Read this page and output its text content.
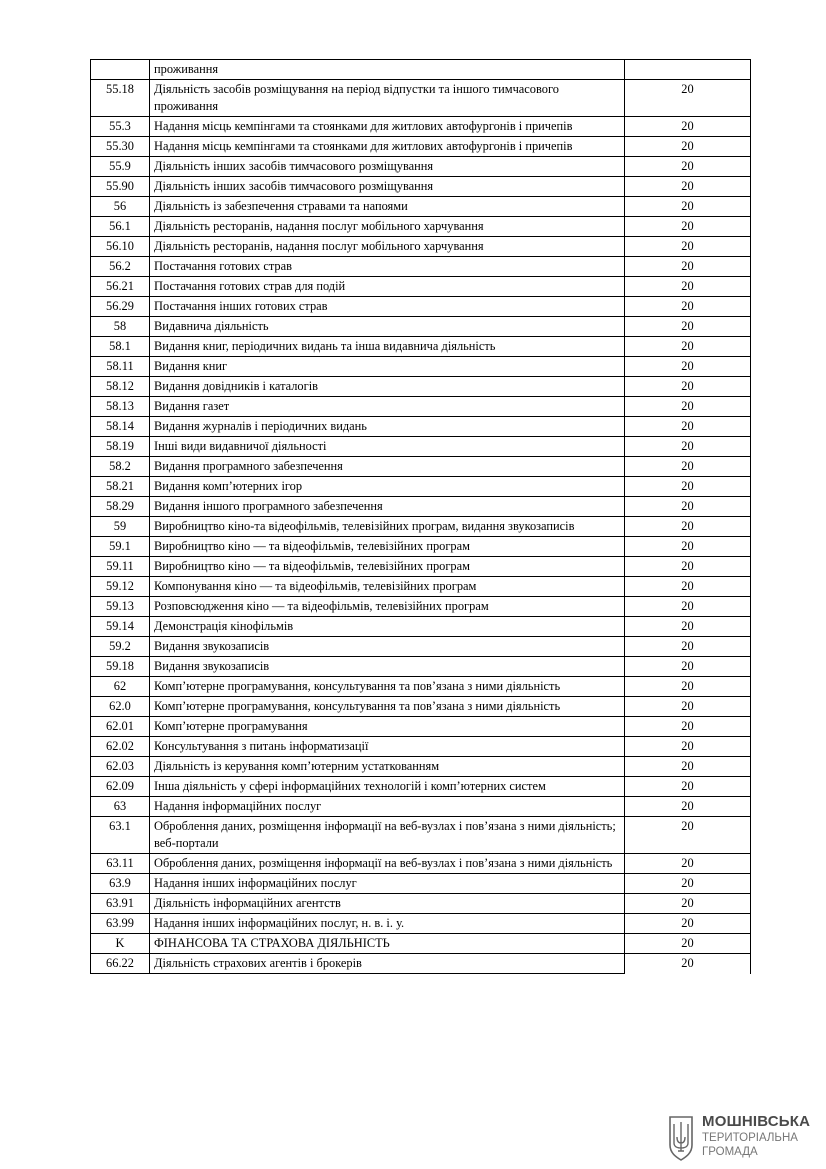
	проживання	
55.18	Діяльність засобів розміщування на період відпустки та іншого тимчасового проживання	20
55.3	Надання місць кемпінгами та стоянками для житлових автофургонів і причепів	20
55.30	Надання місць кемпінгами та стоянками для житлових автофургонів і причепів	20
55.9	Діяльність інших засобів тимчасового розміщування	20
55.90	Діяльність інших засобів тимчасового розміщування	20
56	Діяльність із забезпечення стравами та напоями	20
56.1	Діяльність ресторанів, надання послуг мобільного харчування	20
56.10	Діяльність ресторанів, надання послуг мобільного харчування	20
56.2	Постачання готових страв	20
56.21	Постачання готових страв для подій	20
56.29	Постачання інших готових страв	20
58	Видавнича діяльність	20
58.1	Видання книг, періодичних видань та інша видавнича діяльність	20
58.11	Видання книг	20
58.12	Видання довідників і каталогів	20
58.13	Видання газет	20
58.14	Видання журналів і періодичних видань	20
58.19	Інші види видавничої діяльності	20
58.2	Видання програмного забезпечення	20
58.21	Видання комп’ютерних ігор	20
58.29	Видання іншого програмного забезпечення	20
59	Виробництво кіно-та відеофільмів, телевізійних програм, видання звукозаписів	20
59.1	Виробництво кіно — та відеофільмів, телевізійних програм	20
59.11	Виробництво кіно — та відеофільмів, телевізійних програм	20
59.12	Компонування кіно — та відеофільмів, телевізійних програм	20
59.13	Розповсюдження кіно — та відеофільмів, телевізійних програм	20
59.14	Демонстрація кінофільмів	20
59.2	Видання звукозаписів	20
59.18	Видання звукозаписів	20
62	Комп’ютерне програмування, консультування та пов’язана з ними діяльність	20
62.0	Комп’ютерне програмування, консультування та пов’язана з ними діяльність	20
62.01	Комп’ютерне програмування	20
62.02	Консультування з питань інформатизації	20
62.03	Діяльність із керування комп’ютерним устаткованням	20
62.09	Інша діяльність у сфері інформаційних технологій і комп’ютерних систем	20
63	Надання інформаційних послуг	20
63.1	Оброблення даних, розміщення інформації на веб-вузлах і пов’язана з ними діяльність; веб-портали	20
63.11	Оброблення даних, розміщення інформації на веб-вузлах і пов’язана з ними діяльність	20
63.9	Надання інших інформаційних послуг	20
63.91	Діяльність інформаційних агентств	20
63.99	Надання інших інформаційних послуг, н. в. і. у.	20
K	ФІНАНСОВА ТА СТРАХОВА ДІЯЛЬНІСТЬ	20
66.22	Діяльність страхових агентів і брокерів	20
МОШНІВСЬКА
ТЕРИТОРІАЛЬНА
ГРОМАДА
